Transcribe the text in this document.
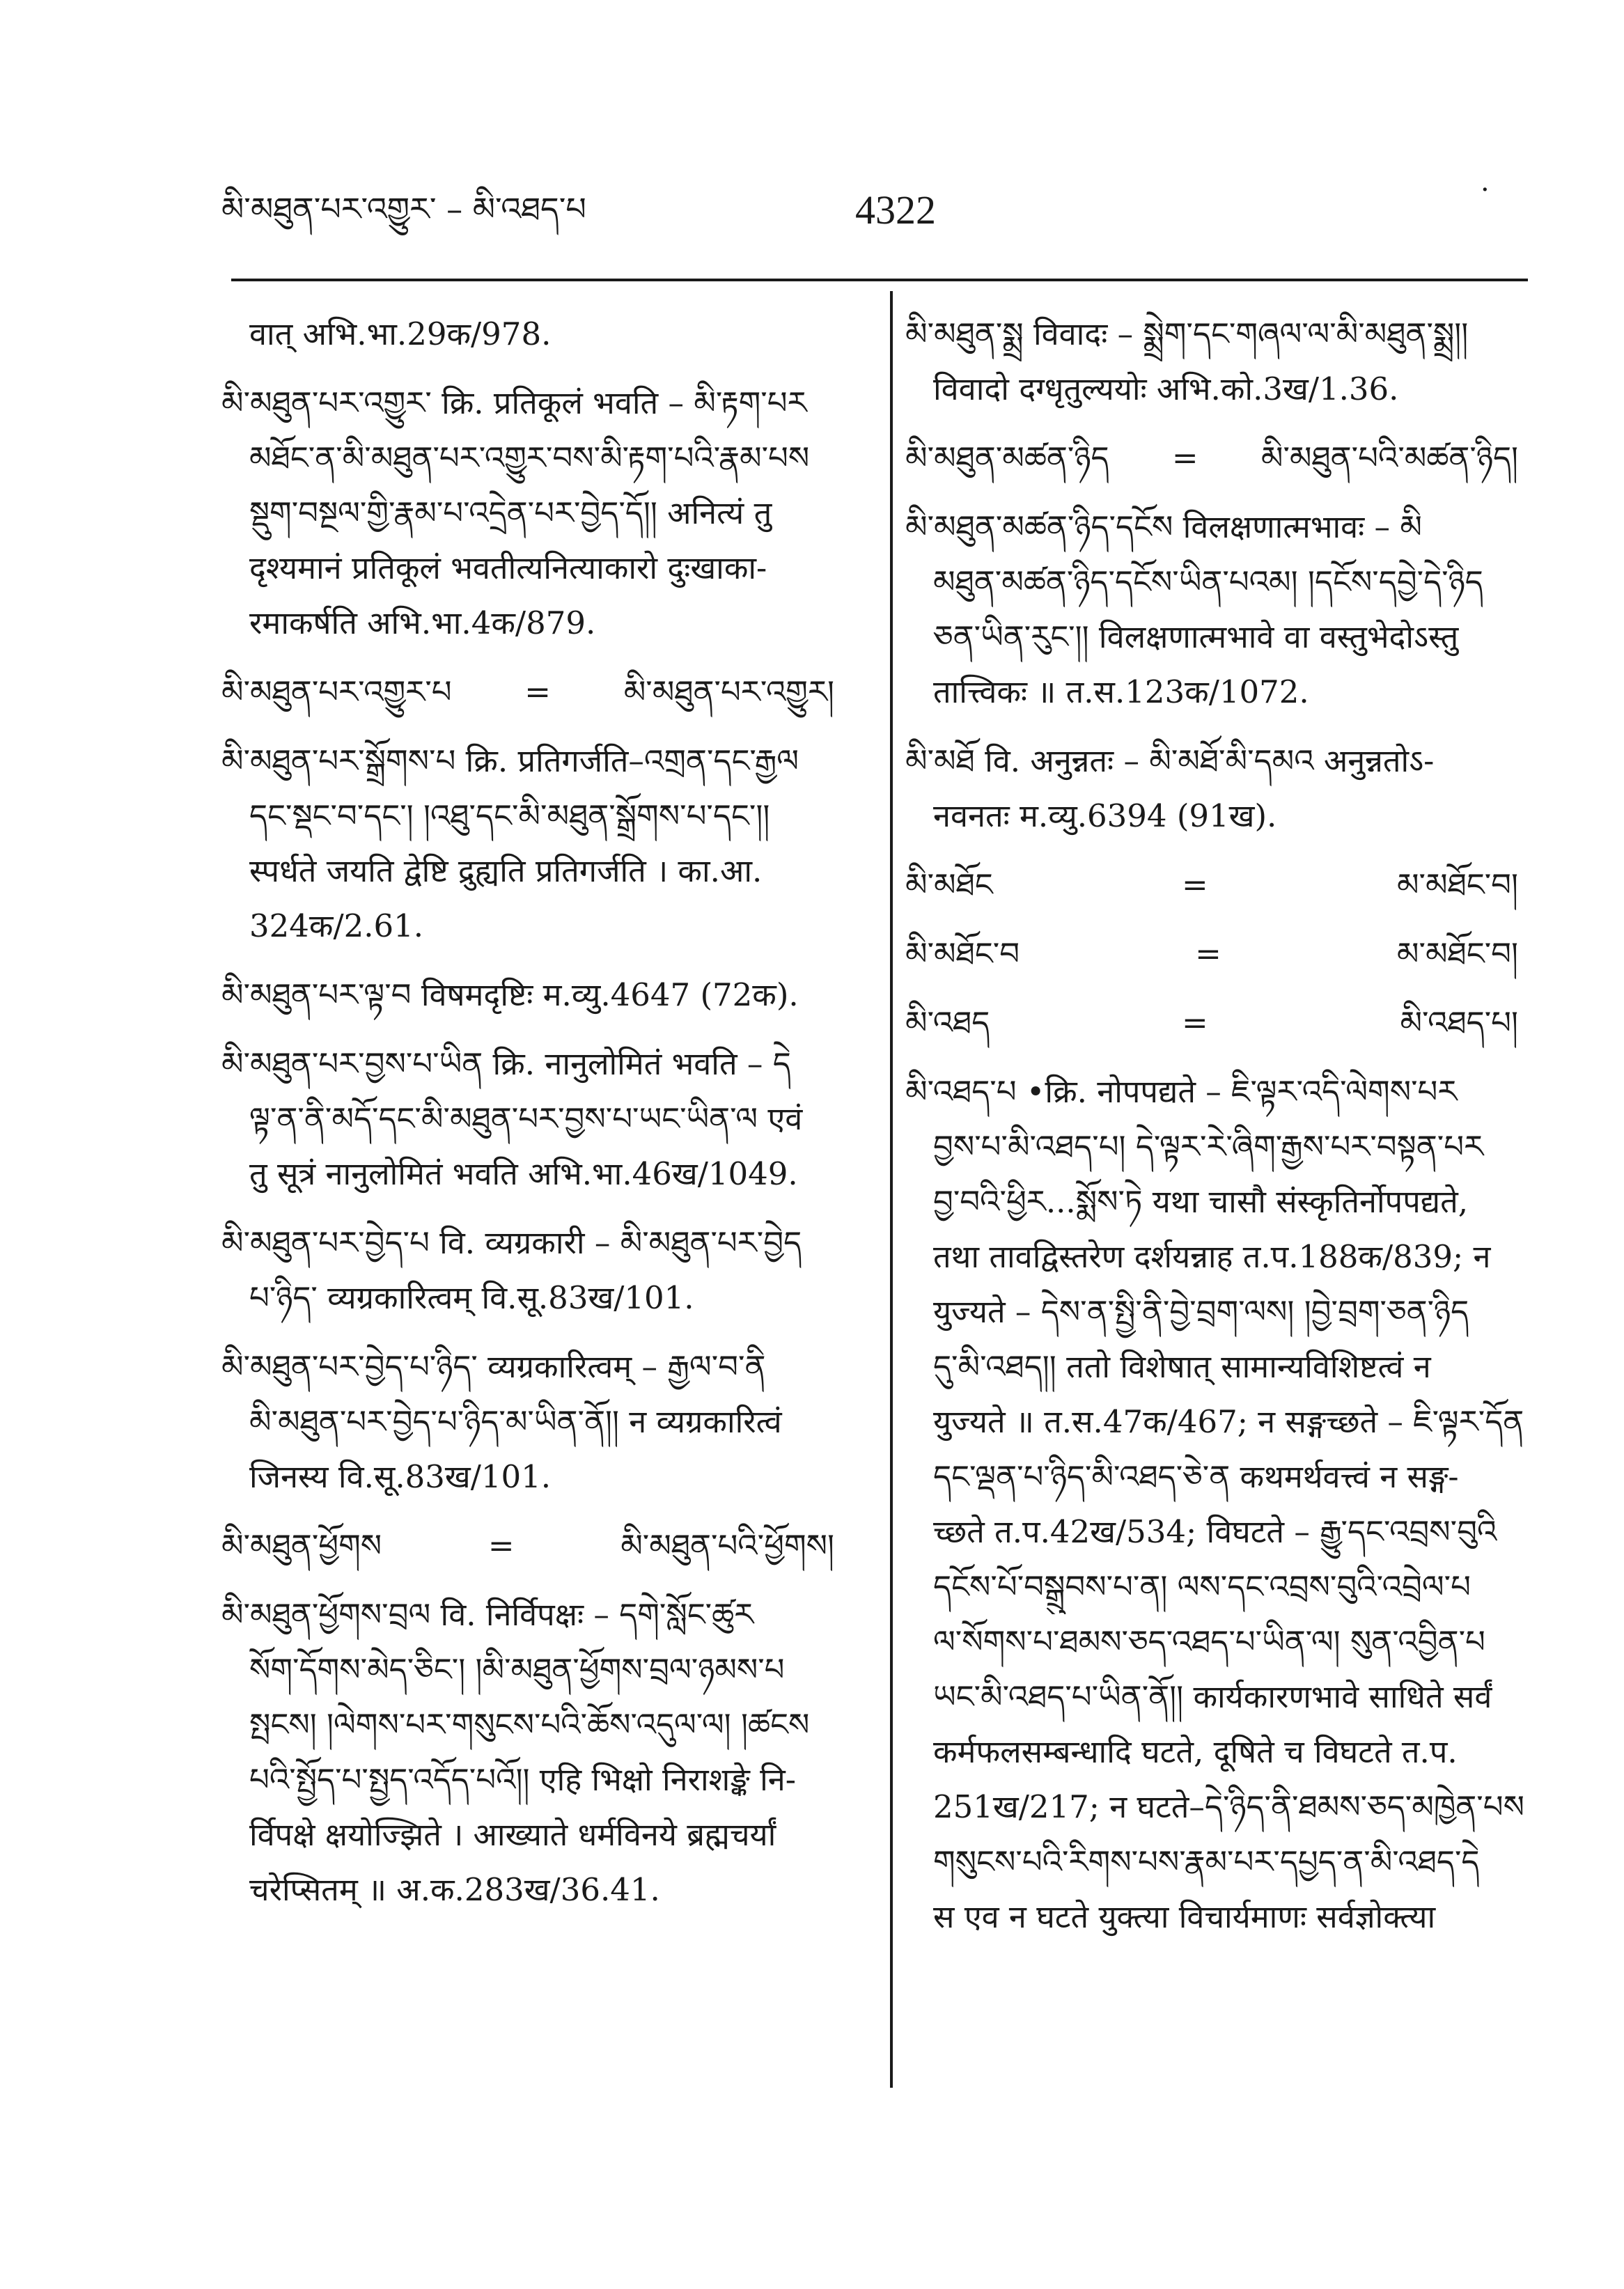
མི་མཐུན་པར་འགྱུར་ – མི་འཐད་པ	4322	·
वात् अभि.भा.29क/978.
མི་མཐུན་པར་འགྱུར་ क्रि. प्रतिकूलं भवति – མི་རྟག་པར
མཐོང་ན་མི་མཐུན་པར་འགྱུར་བས་མི་རྟག་པའི་རྣམ་པས
སྡུག་བསྔལ་གྱི་རྣམ་པ་འདྲེན་པར་བྱེད་དོ།། अनित्यं तु
दृश्यमानं प्रतिकूलं भवतीत्यनित्याकारो दुःखाका-
रमाकर्षति अभि.भा.4क/879.
མི་མཐུན་པར་འགྱུར་པ = མི་མཐུན་པར་འགྱུར།
མི་མཐུན་པར་སྒྲོགས་པ क्रि. प्रतिगर्जति–འགྲན་དང་རྒྱལ
དང་སྡང་བ་དང་། །འཐུ་དང་མི་མཐུན་སྒྲོགས་པ་དང་།།
स्पर्धते जयति द्वेष्टि द्रुह्यति प्रतिगर्जति । का.आ.
324क/2.61.
མི་མཐུན་པར་ལྟ་བ विषमदृष्टिः म.व्यु.4647 (72क).
མི་མཐུན་པར་བྱས་པ་ཡིན क्रि. नानुलोमितं भवति – དེ
ལྟ་ན་ནི་མདོ་དང་མི་མཐུན་པར་བྱས་པ་ཡང་ཡིན་ལ एवं
तु सूत्रं नानुलोमितं भवति अभि.भा.46ख/1049.
མི་མཐུན་པར་བྱེད་པ वि. व्यग्रकारी – མི་མཐུན་པར་བྱེད
པ་ཉིད་ व्यग्रकारित्वम् वि.सू.83ख/101.
མི་མཐུན་པར་བྱེད་པ་ཉིད་ व्यग्रकारित्वम् – རྒྱལ་བ་ནི
མི་མཐུན་པར་བྱེད་པ་ཉིད་མ་ཡིན་ནོ།། न व्यग्रकारित्वं
जिनस्य वि.सू.83ख/101.
མི་མཐུན་ཕྱོགས	=	མི་མཐུན་པའི་ཕྱོགས།
མི་མཐུན་ཕྱོགས་བྲལ वि. निर्विपक्षः – དགེ་སློང་ཚུར
སོག་དོགས་མེད་ཅིང་། །མི་མཐུན་ཕྱོགས་བྲལ་ཉམས་པ
སྤངས། །ལེགས་པར་གསུངས་པའི་ཆོས་འདུལ་ལ། །ཚངས
པའི་སྤྱོད་པ་སྤྱད་འདོད་པའོ།། एहि भिक्षो निराशङ्के नि-
र्विपक्षे क्षयोज्झिते । आख्याते धर्मविनये ब्रह्मचर्यां
चरेप्सितम् ॥ अ.क.283ख/36.41.
མི་མཐུན་སྨྲ विवादः – སྨྲེག་དང་གཞལ་ལ་མི་མཐུན་སྨྲ།།
विवादो दग्धृतुल्ययोः अभि.को.3ख/1.36.
མི་མཐུན་མཚན་ཉིད = མི་མཐུན་པའི་མཚན་ཉིད།
མི་མཐུན་མཚན་ཉིད་དངོས विलक्षणात्मभावः – མི
མཐུན་མཚན་ཉིད་དངོས་ཡིན་པའམ། །དངོས་དབྱེ་དེ་ཉིད
ཅན་ཡིན་རུང་།། विलक्षणात्मभावे वा वस्तुभेदोऽस्तु
तात्त्विकः ॥ त.स.123क/1072.
མི་མཐོ वि. अनुन्नतः – མི་མཐོ་མི་དམའ अनुन्नतोऽ-
नवनतः म.व्यु.6394 (91ख).
མི་མཐོང	=	མ་མཐོང་བ།
མི་མཐོང་བ	=	མ་མཐོང་བ།
མི་འཐད	=	མི་འཐད་པ།
མི་འཐད་པ •क्रि. नोपपद्यते – ཇི་ལྟར་འདི་ལེགས་པར
བྱས་པ་མི་འཐད་པ། དེ་ལྟར་རེ་ཞིག་རྒྱས་པར་བསྟན་པར
བྱ་བའི་ཕྱིར...སྨོས་ཏེ यथा चासौ संस्कृतिर्नोपपद्यते,
तथा तावद्विस्तरेण दर्शयन्नाह त.प.188क/839; न
युज्यते – དེས་ན་སྤྱི་ནི་བྱེ་བྲག་ལས། །བྱེ་བྲག་ཅན་ཉིད
དུ་མི་འཐད།། ततो विशेषात् सामान्यविशिष्टत्वं न
युज्यते ॥ त.स.47क/467; न सङ्गच्छते – ཇི་ལྟར་དོན
དང་ལྡན་པ་ཉིད་མི་འཐད་ཅེ་ན कथमर्थवत्त्वं न सङ्ग-
च्छते त.प.42ख/534; विघटते – རྒྱུ་དང་འབྲས་བུའི
དངོས་པོ་བསྒྲུབས་པ་ན། ལས་དང་འབྲས་བུའི་འབྲེལ་པ
ལ་སོགས་པ་ཐམས་ཅད་འཐད་པ་ཡིན་ལ། སུན་འབྱིན་པ
ཡང་མི་འཐད་པ་ཡིན་ནོ།། कार्यकारणभावे साधिते सर्वं
कर्मफलसम्बन्धादि घटते, दूषिते च विघटते त.प.
251ख/217; न घटते–དེ་ཉིད་ནི་ཐམས་ཅད་མཁྱེན་པས
གསུངས་པའི་རིགས་པས་རྣམ་པར་དཔྱད་ན་མི་འཐད་དེ
स एव न घटते युक्त्या विचार्यमाणः सर्वज्ञोक्त्या
